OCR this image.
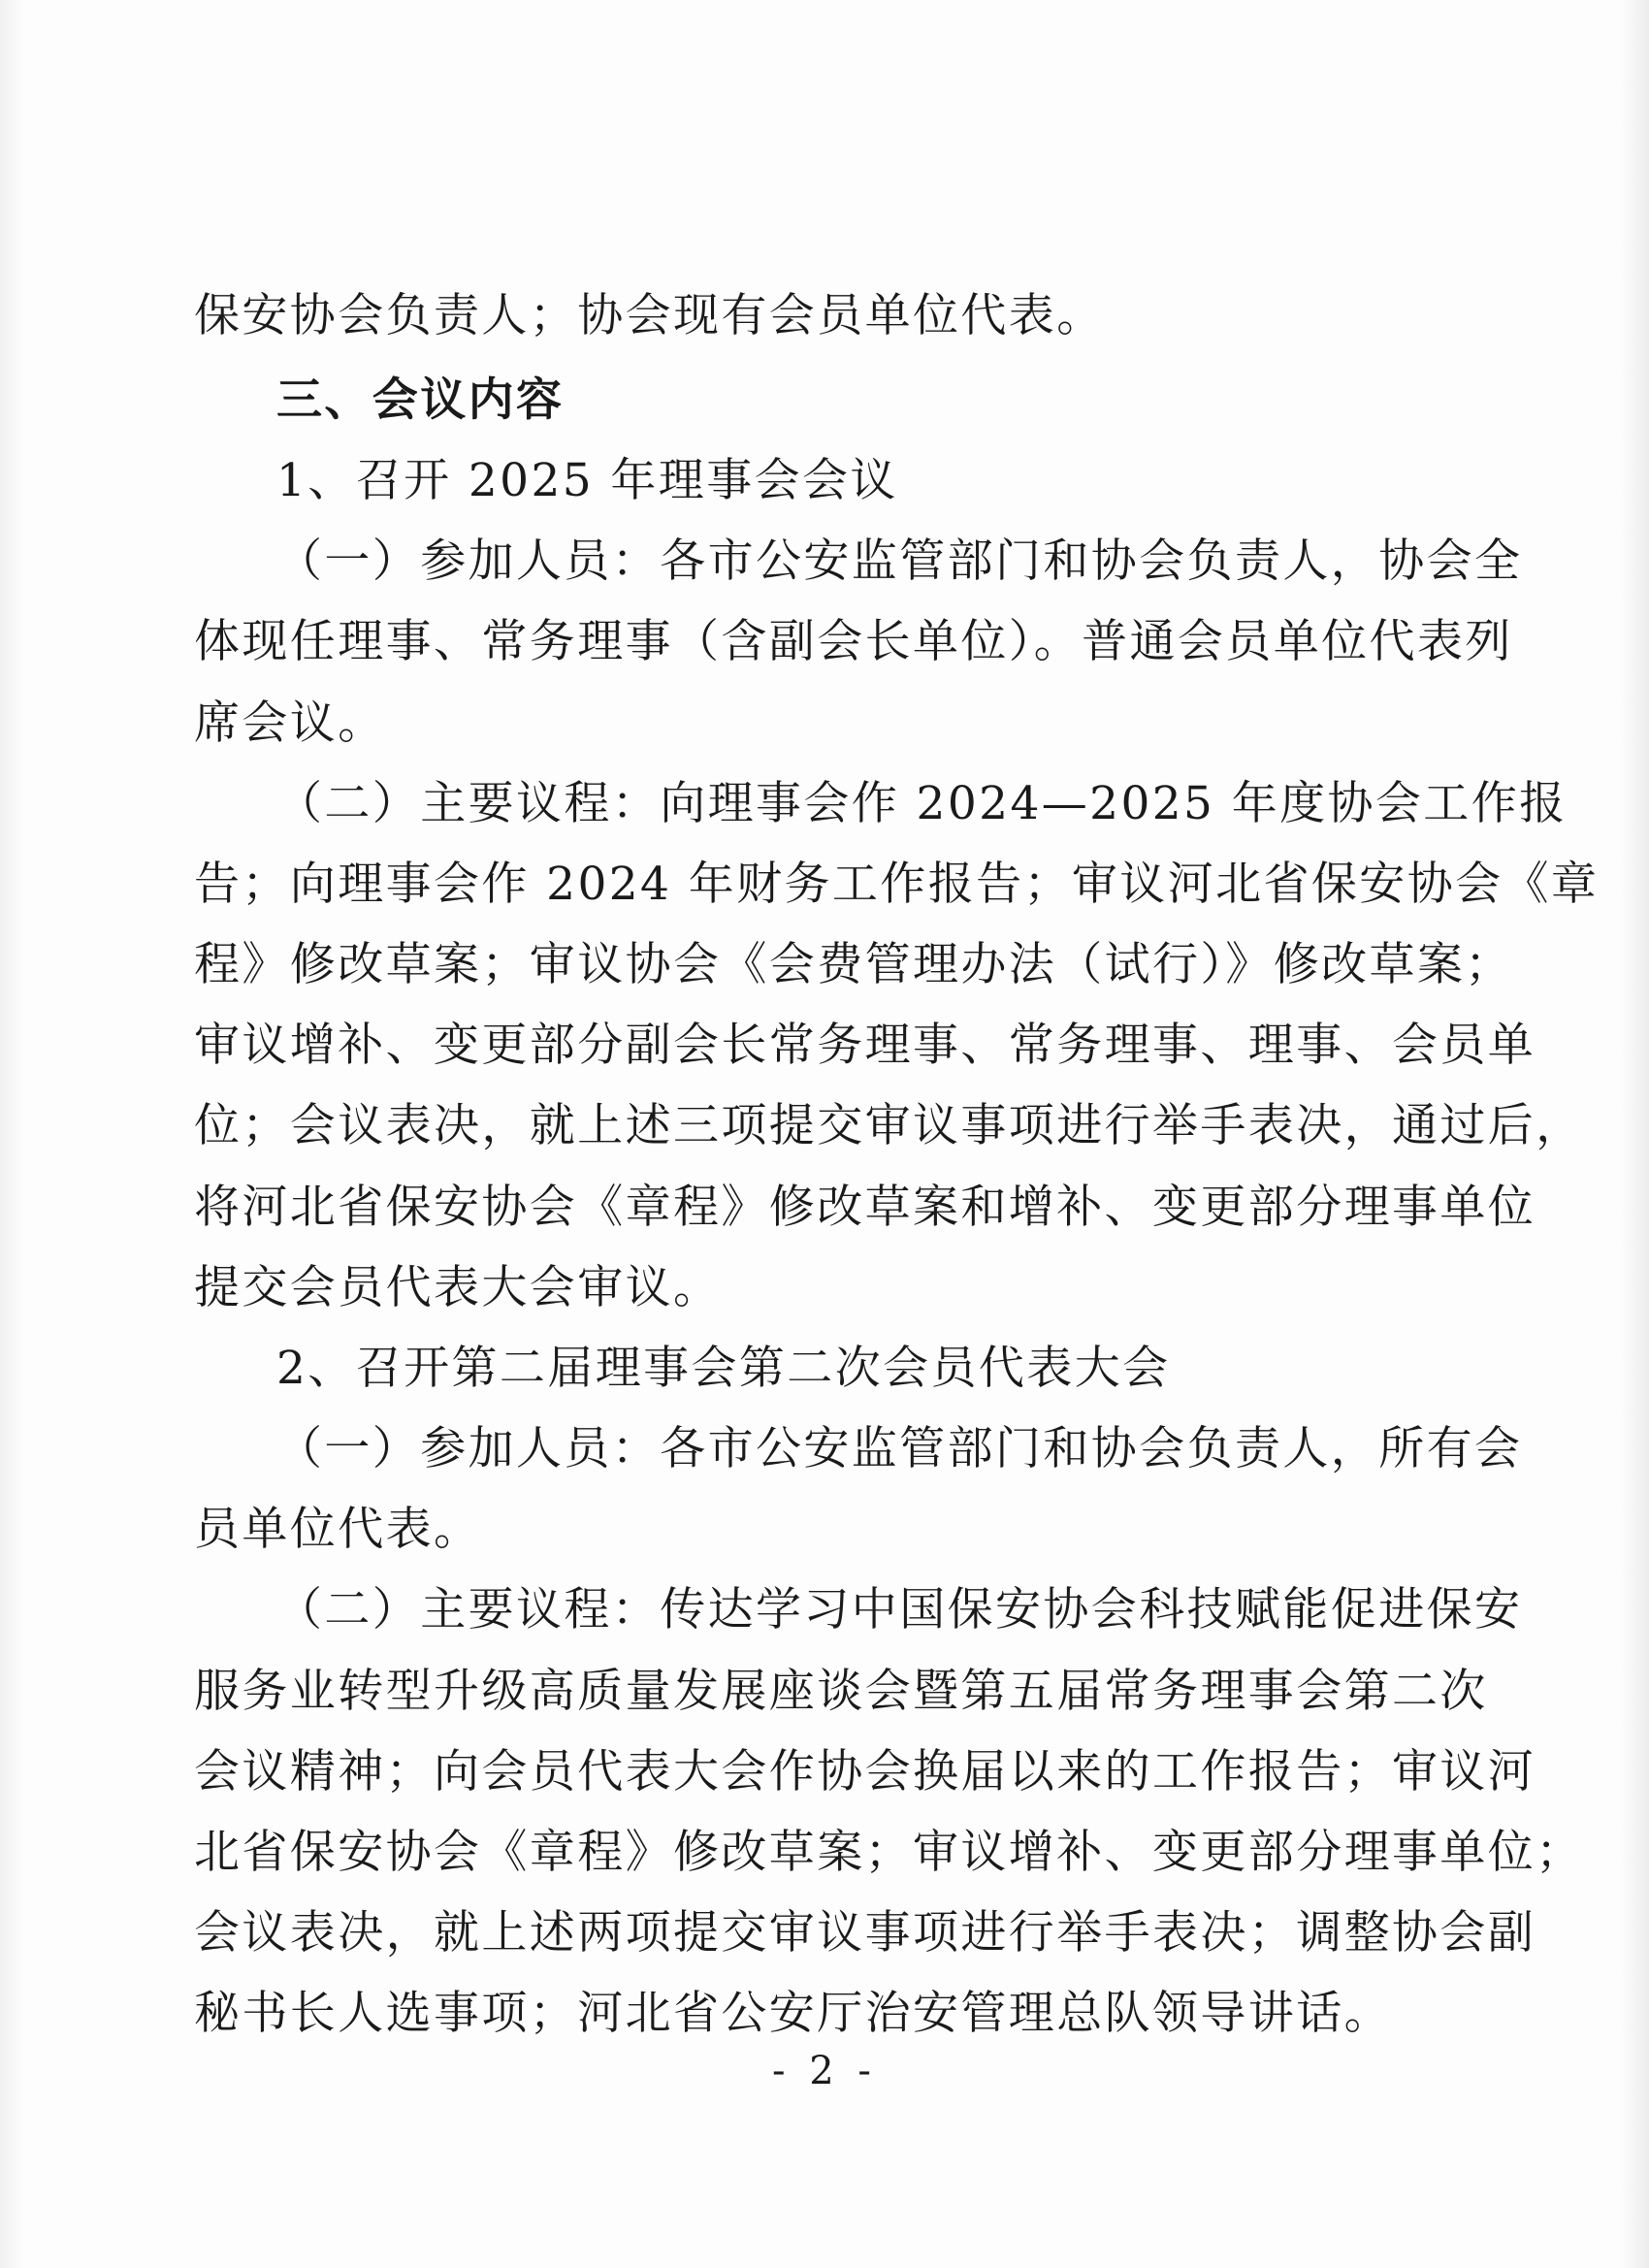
保安协会负责人；协会现有会员单位代表。
三、会议内容
1、召开 2025 年理事会会议
（一）参加人员：各市公安监管部门和协会负责人，协会全
体现任理事、常务理事（含副会长单位）。普通会员单位代表列
席会议。
（二）主要议程：向理事会作 2024—2025 年度协会工作报
告；向理事会作 2024 年财务工作报告；审议河北省保安协会《章
程》修改草案；审议协会《会费管理办法（试行）》修改草案；
审议增补、变更部分副会长常务理事、常务理事、理事、会员单
位；会议表决，就上述三项提交审议事项进行举手表决，通过后，
将河北省保安协会《章程》修改草案和增补、变更部分理事单位
提交会员代表大会审议。
2、召开第二届理事会第二次会员代表大会
（一）参加人员：各市公安监管部门和协会负责人，所有会
员单位代表。
（二）主要议程：传达学习中国保安协会科技赋能促进保安
服务业转型升级高质量发展座谈会暨第五届常务理事会第二次
会议精神；向会员代表大会作协会换届以来的工作报告；审议河
北省保安协会《章程》修改草案；审议增补、变更部分理事单位；
会议表决，就上述两项提交审议事项进行举手表决；调整协会副
秘书长人选事项；河北省公安厅治安管理总队领导讲话。
- 2 -
